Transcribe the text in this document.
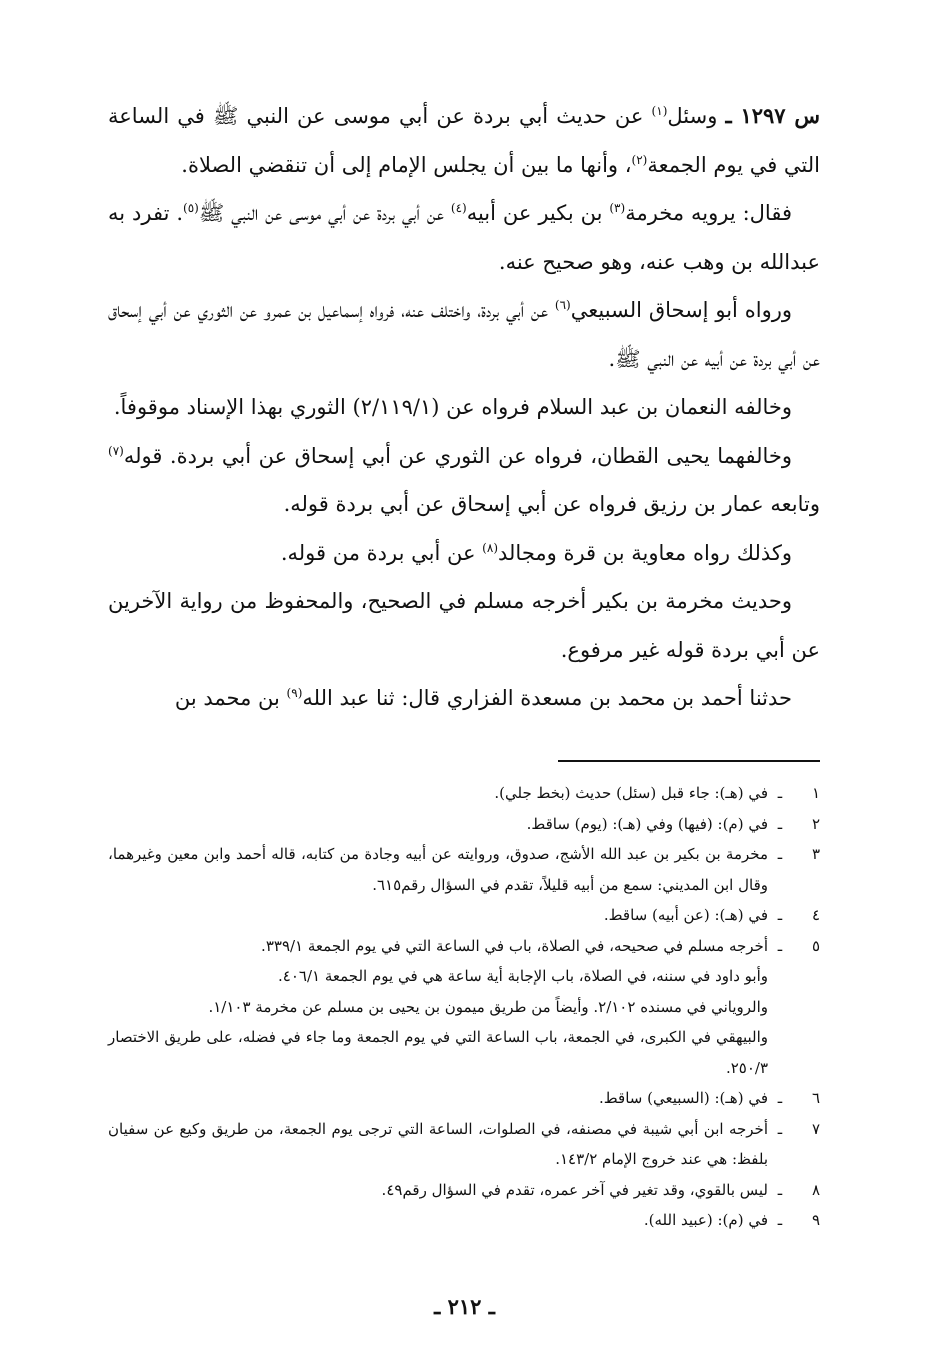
س ١٢٩٧ ـ وسئل$^{(١)}$ عن حديث أبي بردة عن أبي موسى عن النبي ﷺ في الساعة التي في يوم الجمعة$^{(٢)}$، وأنها ما بين أن يجلس الإمام إلى أن تنقضي الصلاة.

فقال: يرويه مخرمة$^{(٣)}$ بن بكير عن أبيه$^{(٤)}$ عن أبي بردة عن أبي موسى عن النبي ﷺ$^{(٥)}$. تفرد به عبدالله بن وهب عنه، وهو صحيح عنه.

ورواه أبو إسحاق السبيعي$^{(٦)}$ عن أبي بردة، واختلف عنه، فرواه إسماعيل بن عمرو عن الثوري عن أبي إسحاق عن أبي بردة عن أبيه عن النبي ﷺ.

وخالفه النعمان بن عبد السلام فرواه عن (٢/١١٩/١) الثوري بهذا الإسناد موقوفاً.

وخالفهما يحيى القطان، فرواه عن الثوري عن أبي إسحاق عن أبي بردة. قوله$^{(٧)}$ وتابعه عمار بن رزيق فرواه عن أبي إسحاق عن أبي بردة قوله.

وكذلك رواه معاوية بن قرة ومجالد$^{(٨)}$ عن أبي بردة من قوله.

وحديث مخرمة بن بكير أخرجه مسلم في الصحيح، والمحفوظ من رواية الآخرين عن أبي بردة قوله غير مرفوع.

حدثنا أحمد بن محمد بن مسعدة الفزاري قال: ثنا عبد الله$^{(٩)}$ بن محمد بن

١
ـ
في (هـ): جاء قبل (سئل) حديث (بخط جلي).
٢
ـ
في (م): (فيها) وفي (هـ): (يوم) ساقط.
٣
ـ
مخرمة بن بكير بن عبد الله الأشج، صدوق، وروايته عن أبيه وجادة من كتابه، قاله أحمد وابن معين وغيرهما، وقال ابن المديني: سمع من أبيه قليلاً، تقدم في السؤال رقم٦١٥.
٤
ـ
في (هـ): (عن أبيه) ساقط.
٥
ـ
أخرجه مسلم في صحيحه، في الصلاة، باب في الساعة التي في يوم الجمعة ٣٣٩/١.
وأبو داود في سننه، في الصلاة، باب الإجابة أية ساعة هي في يوم الجمعة ٤٠٦/١.
والروياني في مسنده ٢/١٠٢. وأيضاً من طريق ميمون بن يحيى بن مسلم عن مخرمة ١/١٠٣.
والبيهقي في الكبرى، في الجمعة، باب الساعة التي في يوم الجمعة وما جاء في فضله، على طريق الاختصار ٢٥٠/٣.
٦
ـ
في (هـ): (السبيعي) ساقط.
٧
ـ
أخرجه ابن أبي شيبة في مصنفه، في الصلوات، الساعة التي ترجى يوم الجمعة، من طريق وكيع عن سفيان بلفظ: هي عند خروج الإمام ١٤٣/٢.
٨
ـ
ليس بالقوي، وقد تغير في آخر عمره، تقدم في السؤال رقم٤٩.
٩
ـ
في (م): (عبيد الله).
ـ ٢١٢ ـ
